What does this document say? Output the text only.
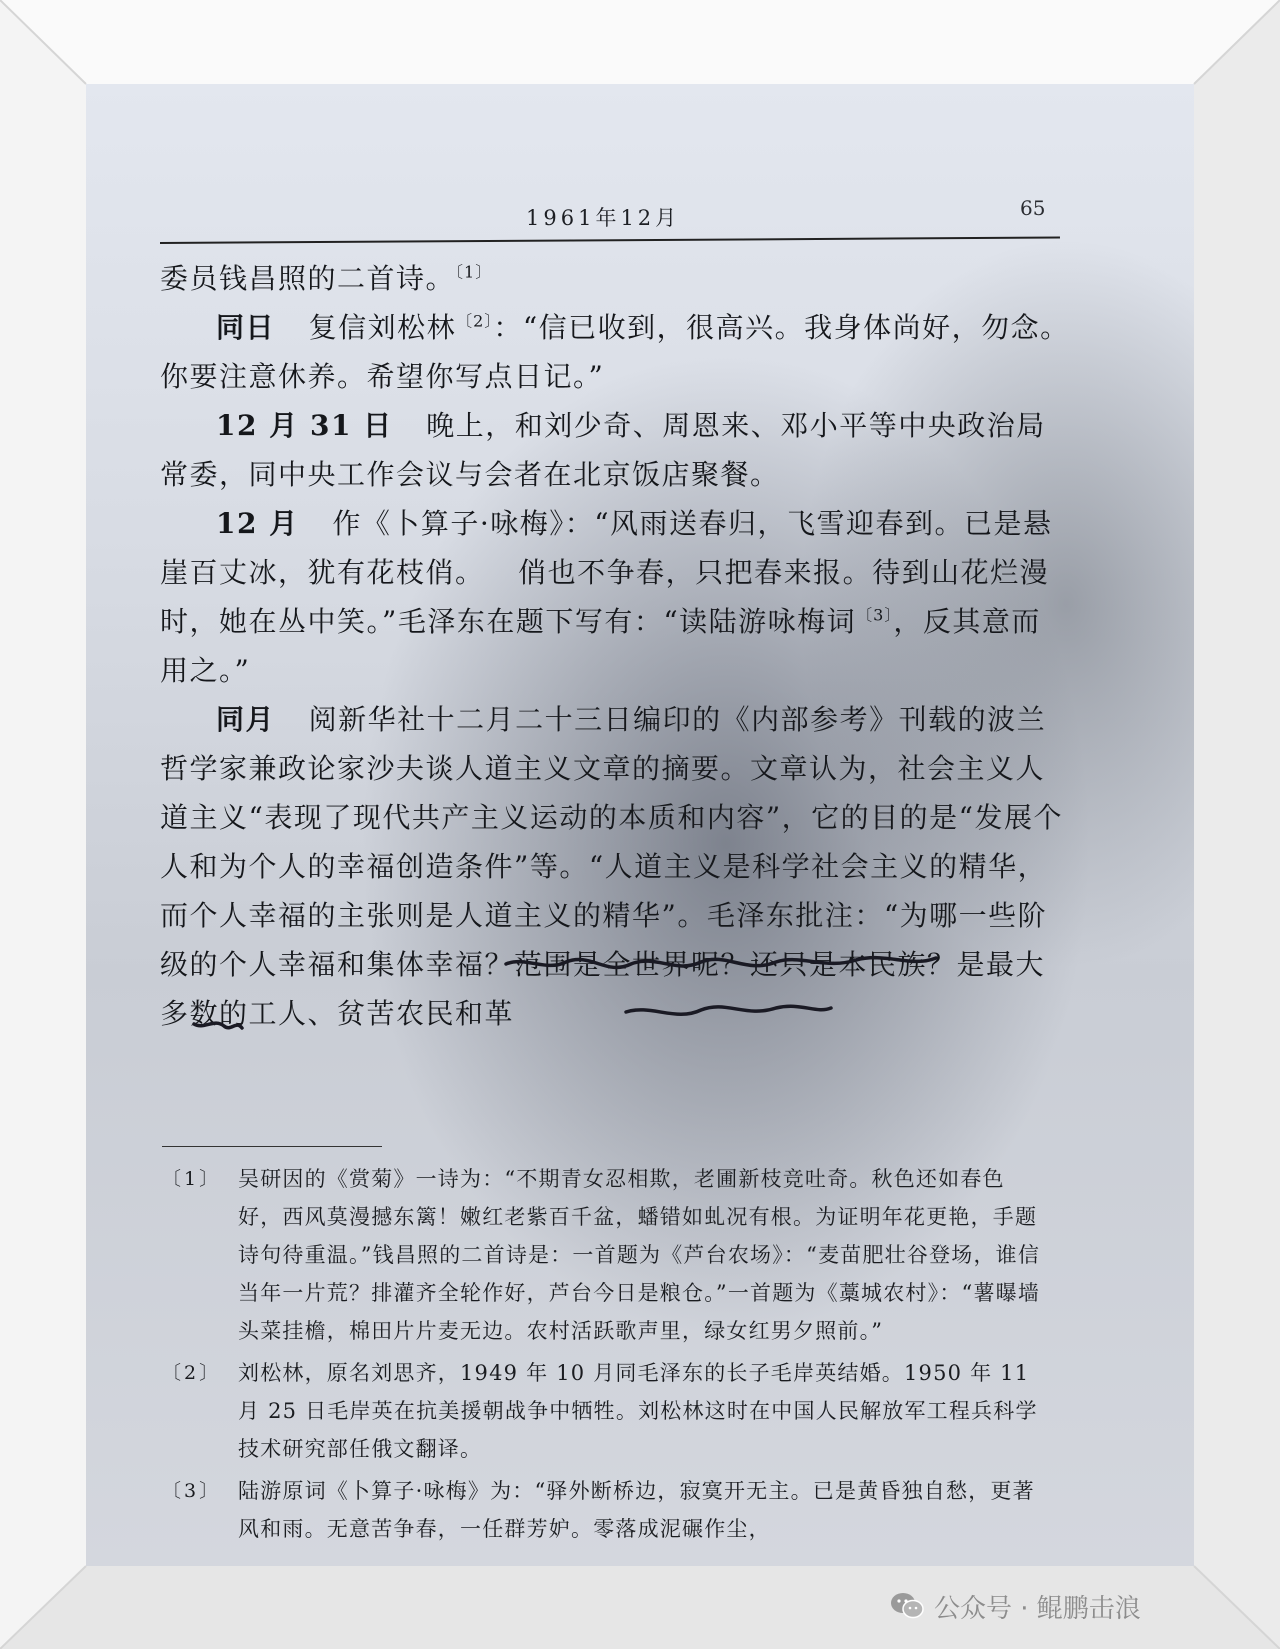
1961年12月	65

委员钱昌照的二首诗。$^{〔1〕}$

同日 复信刘松林$^{〔2〕}$：“信已收到，很高兴。我身体尚好，勿念。你要注意休养。希望你写点日记。”

12 月 31 日 晚上，和刘少奇、周恩来、邓小平等中央政治局常委，同中央工作会议与会者在北京饭店聚餐。

12 月 作《卜算子·咏梅》：“风雨送春归，飞雪迎春到。已是悬崖百丈冰，犹有花枝俏。 俏也不争春，只把春来报。待到山花烂漫时，她在丛中笑。”毛泽东在题下写有：“读陆游咏梅词$^{〔3〕}$，反其意而用之。”

同月 阅新华社十二月二十三日编印的《内部参考》刊载的波兰哲学家兼政论家沙夫谈人道主义文章的摘要。文章认为，社会主义人道主义“表现了现代共产主义运动的本质和内容”，它的目的是“发展个人和为个人的幸福创造条件”等。“人道主义是科学社会主义的精华，而个人幸福的主张则是人道主义的精华”。毛泽东批注：“为哪一些阶级的个人幸福和集体幸福？范围是全世界呢？还只是本民族？是最大多数的工人、贫苦农民和革

〔1〕 吴研因的《赏菊》一诗为：“不期青女忍相欺，老圃新枝竞吐奇。秋色还如春色好，西风莫漫撼东篱！嫩红老紫百千盆，蟠错如虬况有根。为证明年花更艳，手题诗句待重温。”钱昌照的二首诗是：一首题为《芦台农场》：“麦苗肥壮谷登场，谁信当年一片荒？排灌齐全轮作好，芦台今日是粮仓。”一首题为《藁城农村》：“薯曝墙头菜挂檐，棉田片片麦无边。农村活跃歌声里，绿女红男夕照前。”
〔2〕 刘松林，原名刘思齐，1949 年 10 月同毛泽东的长子毛岸英结婚。1950 年 11 月 25 日毛岸英在抗美援朝战争中牺牲。刘松林这时在中国人民解放军工程兵科学技术研究部任俄文翻译。
〔3〕 陆游原词《卜算子·咏梅》为：“驿外断桥边，寂寞开无主。已是黄昏独自愁，更著风和雨。无意苦争春，一任群芳妒。零落成泥碾作尘，
公众号 · 鲲鹏击浪
